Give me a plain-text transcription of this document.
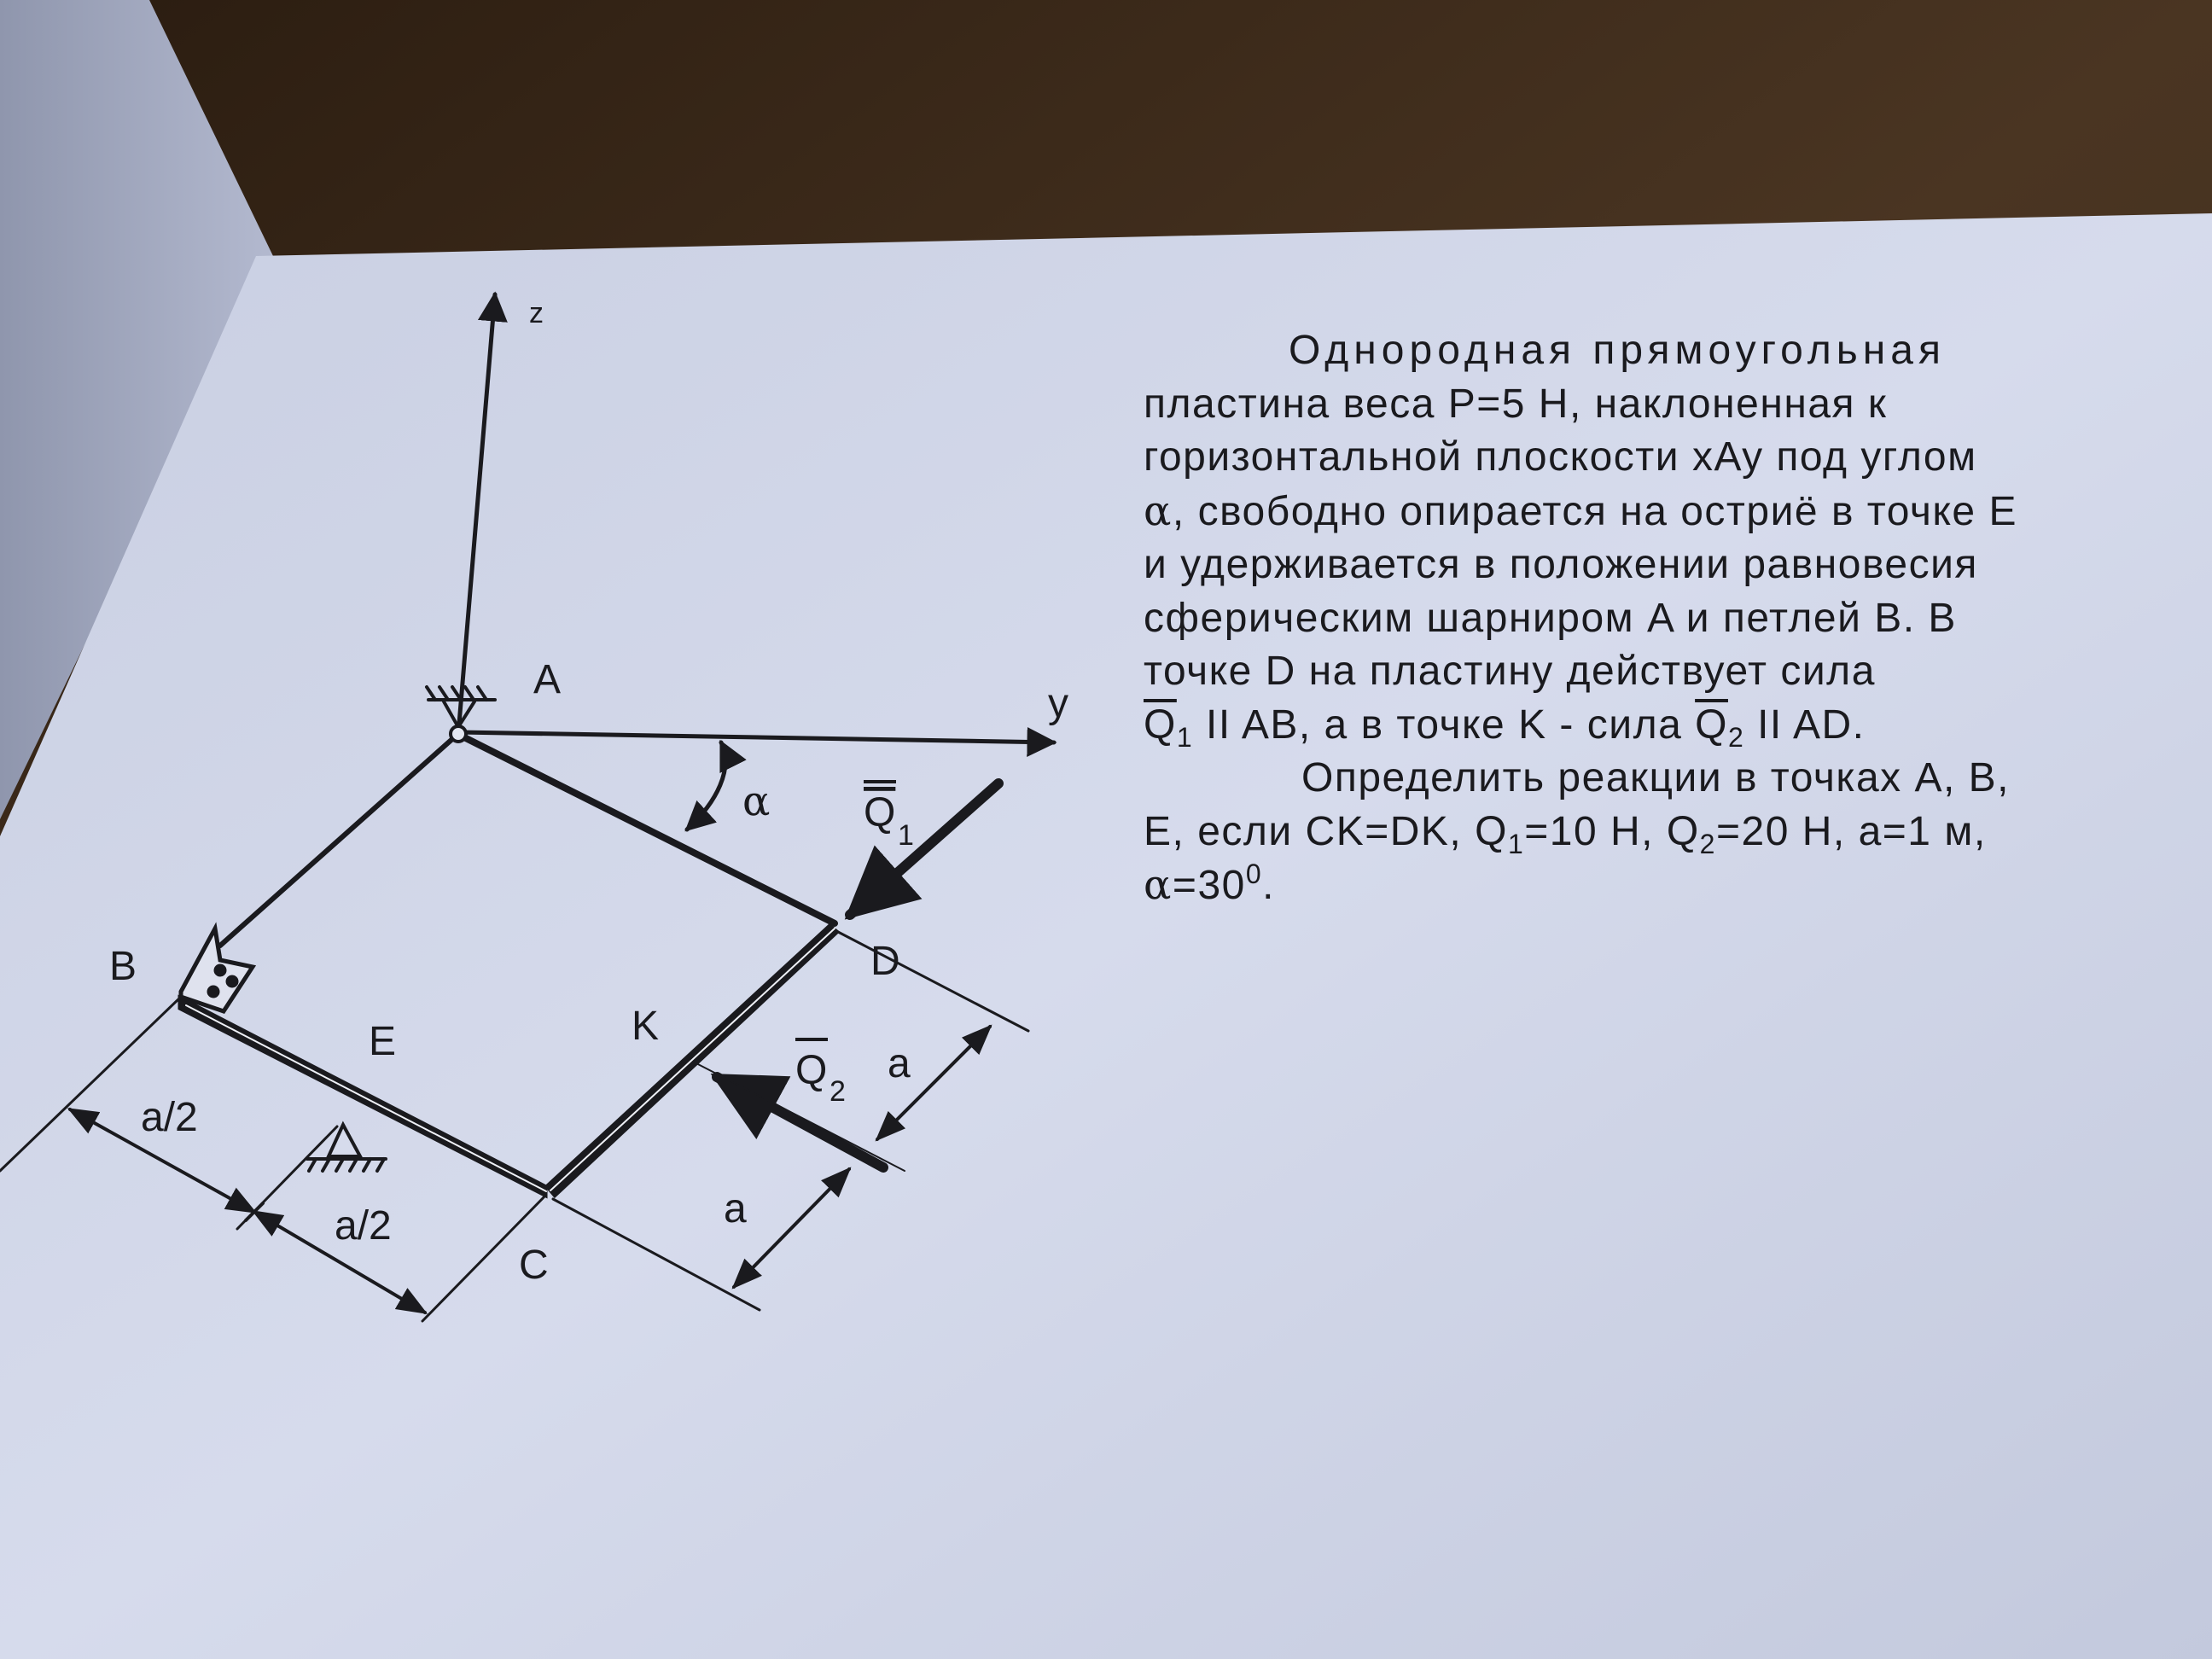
z
y
A
B
C
D
E	K
α Q 1
Q 2
a/2
a/2
a
a

Однородная прямоугольная

пластина веса P=5 Н, наклоненная к

горизонтальной плоскости xAy под углом

α, свободно опирается на остриё в точке E

и удерживается в положении равновесия

сферическим шарниром A и петлей B. В

точке D на пластину действует сила

$\overline{Q}_1$ II AB, а в точке K - сила $\overline{Q}_2$ II AD.

Определить реакции в точках A, B,

E, если CK=DK, $Q_1=10$ Н, $Q_2=20$ Н, a=1 м,

$\alpha=30^0$.
